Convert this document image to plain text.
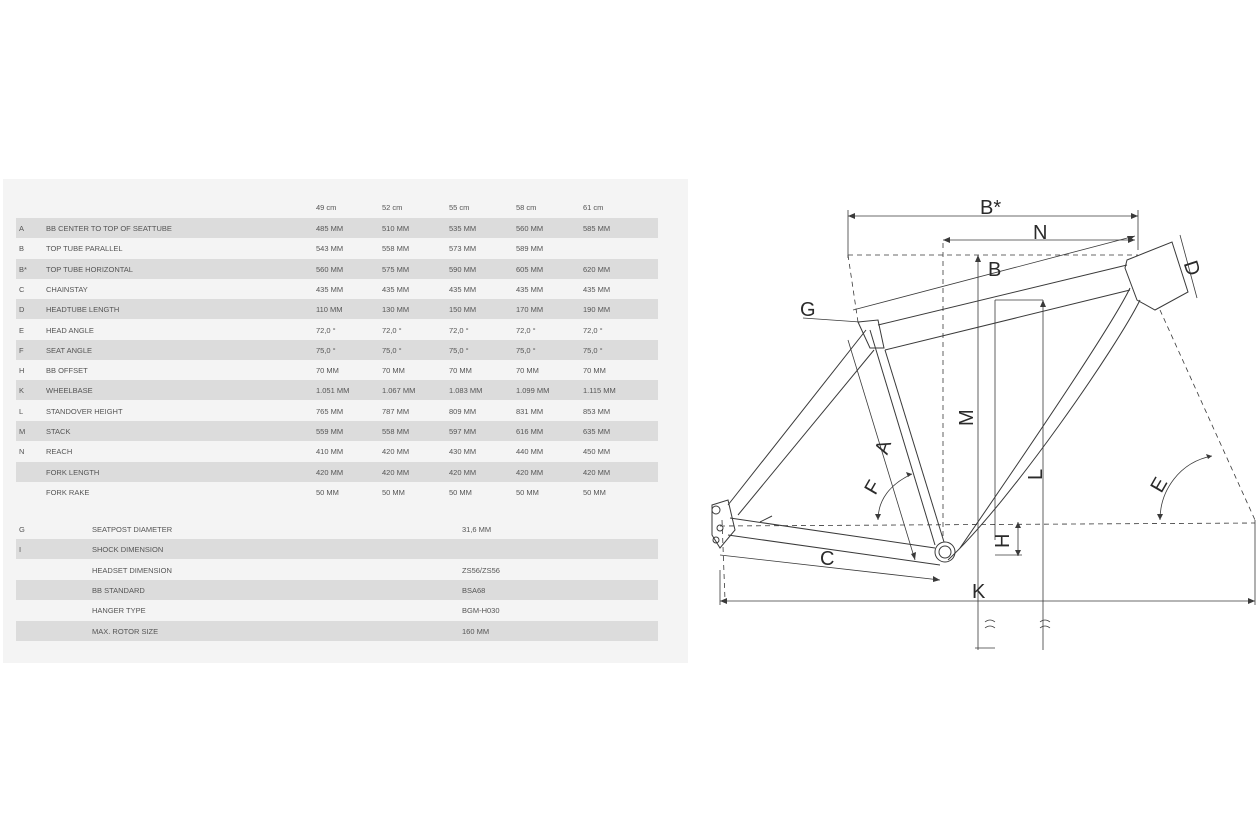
49 cm	52 cm	55 cm	58 cm	61 cm
A	BB CENTER TO TOP OF SEATTUBE	485 MM	510 MM	535 MM	560 MM	585 MM
B	TOP TUBE PARALLEL	543 MM	558 MM	573 MM	589 MM
B*	TOP TUBE HORIZONTAL	560 MM	575 MM	590 MM	605 MM	620 MM
C	CHAINSTAY	435 MM	435 MM	435 MM	435 MM	435 MM
D	HEADTUBE LENGTH	110 MM	130 MM	150 MM	170 MM	190 MM
E	HEAD ANGLE	72,0 °	72,0 °	72,0 °	72,0 °	72,0 °
F	SEAT ANGLE	75,0 °	75,0 °	75,0 °	75,0 °	75,0 °
H	BB OFFSET	70 MM	70 MM	70 MM	70 MM	70 MM
K	WHEELBASE	1.051 MM	1.067 MM	1.083 MM	1.099 MM	1.115 MM
L	STANDOVER HEIGHT	765 MM	787 MM	809 MM	831 MM	853 MM
M	STACK	559 MM	558 MM	597 MM	616 MM	635 MM
N	REACH	410 MM	420 MM	430 MM	440 MM	450 MM
FORK LENGTH	420 MM	420 MM	420 MM	420 MM	420 MM
FORK RAKE	50 MM	50 MM	50 MM	50 MM	50 MM
G	SEATPOST DIAMETER	31,6 MM
I	SHOCK DIMENSION
HEADSET DIMENSION	ZS56/ZS56
BB STANDARD	BSA68
HANGER TYPE	BGM-H030
MAX. ROTOR SIZE	160 MM
B*
N
B	D
G
M
A
F
L	E
H
C
K
